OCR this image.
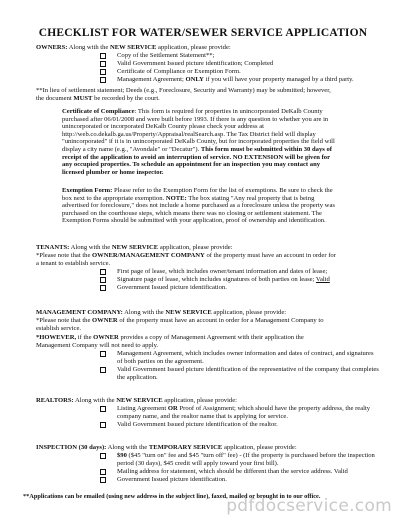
CHECKLIST FOR WATER/SEWER SERVICE APPLICATION
OWNERS: Along with the NEW SERVICE application, please provide:
Copy of the Settlement Statement**;
Valid Government Issued picture identification; Completed
Certificate of Compliance or Exemption Form.
Management Agreement; ONLY if you will have your property managed by a third party.
**In lieu of settlement statement; Deeds (e.g., Foreclosure, Security and Warranty) may be submitted; however,
the document MUST be recorded by the court.
Certificate of Compliance: This form is required for properties in unincorporated DeKalb County purchased after 06/01/2008 and were built before 1993. If there is any question to whether you are in unincorporated or incorporated DeKalb County please check your address at http://web.co.dekalb.ga.us/Property/Appraisal/realSearch.asp. The Tax District field will display "unincorporated" if it is in unincorporated DeKalb County, but for incorporated properties the field will display a city name (e.g., "Avondale" or "Decatur"). This form must be submitted within 30 days of receipt of the application to avoid an interruption of service. NO EXTENSION will be given for any occupied properties. To schedule an appointment for an inspection you may contact any licensed plumber or home inspector.
Exemption Form: Please refer to the Exemption Form for the list of exemptions. Be sure to check the box next to the appropriate exemption. NOTE: The box stating "Any real property that is being advertised for foreclosure," does not include a home purchased as a foreclosure unless the property was purchased on the courthouse steps, which means there was no closing or settlement statement. The Exemption Forms should be submitted with your application, proof of ownership and identification.
TENANTS: Along with the NEW SERVICE application, please provide:
*Please note that the OWNER/MANAGEMENT COMPANY of the property must have an account in order for
a tenant to establish service.
First page of lease, which includes owner/tenant information and dates of lease;
Signature page of lease, which includes signatures of both parties on lease; Valid
Government Issued picture identification.
MANAGEMENT COMPANY: Along with the NEW SERVICE application, please provide:
*Please note that the OWNER of the property must have an account in order for a Management Company to
establish service.
*HOWEVER, if the OWNER provides a copy of Management Agreement with their application the
Management Company will not need to apply.
Management Agreement, which includes owner information and dates of contract, and signatures
of both parties on the agreement.
Valid Government Issued picture identification of the representative of the company that completes
the application.
REALTORS: Along with the NEW SERVICE application, please provide:
Listing Agreement OR Proof of Assignment; which should have the property address, the realty
company name, and the realtor name that is applying for service.
Valid Government Issued picture identification of the realtor.
INSPECTION (30 days): Along with the TEMPORARY SERVICE application, please provide:
$90 ($45 "turn on" fee and $45 "turn off" fee) - (If the property is purchased before the inspection
period (30 days), $45 credit will apply toward your first bill).
Mailing address for statement, which should be different than the service address. Valid
Government Issued picture identification.
**Applications can be emailed (using new address in the subject line), faxed, mailed or brought in to our office.
pdfdocservice.com
